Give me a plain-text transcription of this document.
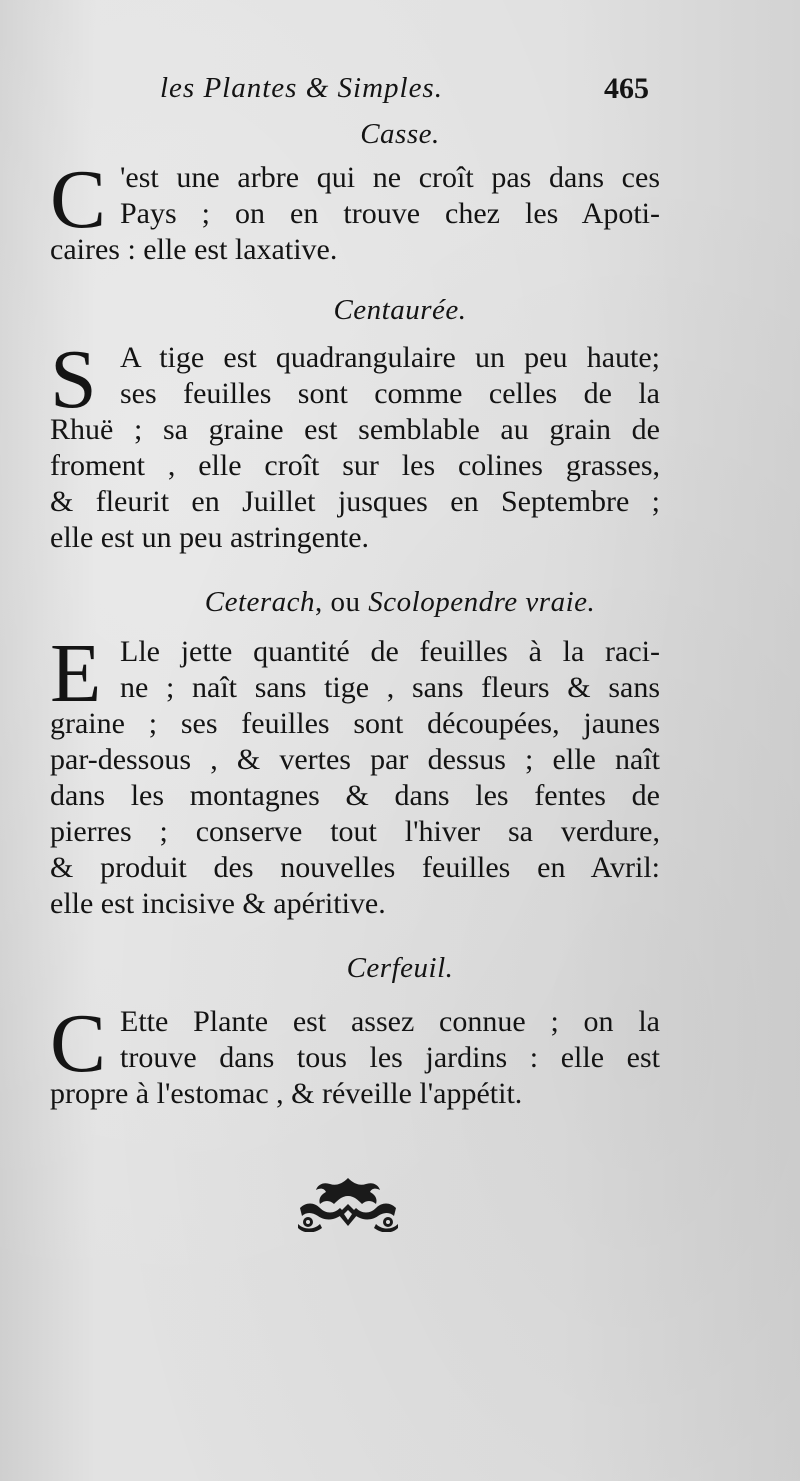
les Plantes & Simples.	465
Casse.
C 'est une arbre qui ne croît pas dans ces
Pays ; on en trouve chez les Apoti-
caires : elle est laxative.
Centaurée.
S A tige est quadrangulaire un peu haute;
ses feuilles sont comme celles de la
Rhuë ; sa graine est semblable au grain de
froment , elle croît sur les colines grasses,
& fleurit en Juillet jusques en Septembre ;
elle est un peu astringente.
Ceterach, ou Scolopendre vraie.
E Lle jette quantité de feuilles à la raci-
ne ; naît sans tige , sans fleurs & sans
graine ; ses feuilles sont découpées, jaunes
par-dessous , & vertes par dessus ; elle naît
dans les montagnes & dans les fentes de
pierres ; conserve tout l'hiver sa verdure,
& produit des nouvelles feuilles en Avril:
elle est incisive & apéritive.
Cerfeuil.
C Ette Plante est assez connue ; on la
trouve dans tous les jardins : elle est
propre à l'estomac , & réveille l'appétit.
